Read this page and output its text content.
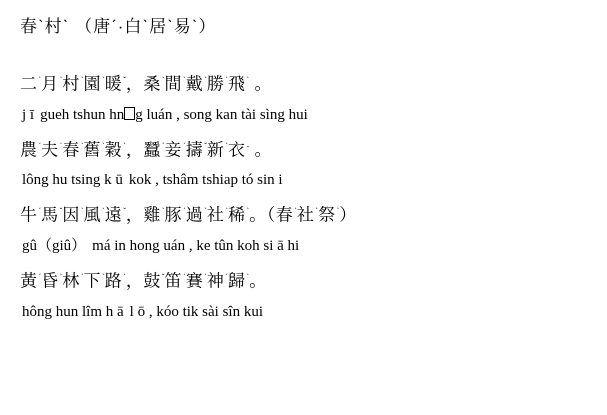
春ˋ村ˋ （唐ˊ·白ˋ居ˋ易ˋ）
二$^ˋ$月$^ˋ$村$^ˋ$園$^ˋ$暖$^ˇ$，桑$^ˋ$間$^ˋ$戴$^ˋ$勝$^ˋ$飛$^ˋ$ 。
j ī gueh tshun hn g luán , song kan tài sìng hui
農$^ˊ$夫$^ˋ$春$^ˋ$舊$^ˋ$穀$^ˋ$，蠶$^ˊ$妾$^ˋ$擣$^ˇ$新$^ˋ$衣- 。
lông hu tsing k ū kok , tshâm tshiap tó sin i
牛$^ˊ$馬$^ˇ$因$^ˋ$風$^ˋ$遠$^ˇ$，雞$^ˋ$豚$^ˊ$過$^ˋ$社$^ˋ$稀$^ˋ$。（春$^ˋ$社$^ˋ$祭$^ˋ$）
gû（giû） má in hong uán , ke tûn koh si ā hi
黃$^ˊ$昏$^ˋ$林$^ˊ$下$^ˋ$路$^ˋ$，鼓$^ˇ$笛$^ˊ$賽$^ˋ$神$^ˊ$歸$^ˋ$。
hông hun lîm h ā l ō , kóo tik sài sîn kui
